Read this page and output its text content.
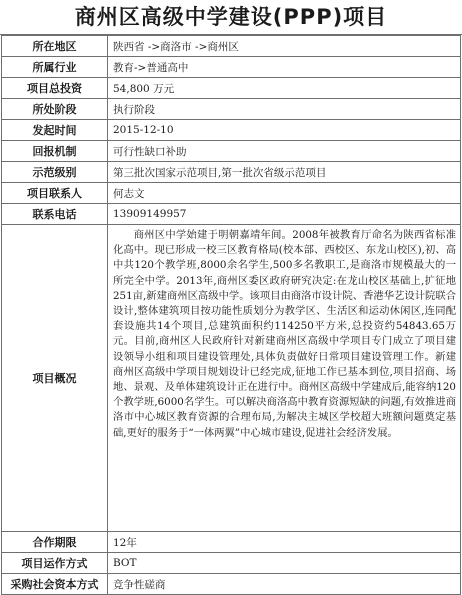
商州区高级中学建设(PPP)项目
所在地区	陕西省 ->商洛市 ->商州区
所属行业	教育->普通高中
项目总投资	54,800 万元
所处阶段	执行阶段
发起时间	2015-12-10
回报机制	可行性缺口补助
示范级别	第三批次国家示范项目,第一批次省级示范项目
项目联系人	何志文
联系电话	13909149957
项目概况	商州区中学始建于明朝嘉靖年间。2008年被教育厅命名为陕西省标准化高中。现已形成一校三区教育格局(校本部、西校区、东龙山校区),初、高中共120个教学班,8000余名学生,500多名教职工,是商洛市规模最大的一所完全中学。2013年,商州区委区政府研究决定:在龙山校区基础上,扩征地251亩,新建商州区高级中学。该项目由商洛市设计院、香港华艺设计院联合设计,整体建筑项目按功能性质划分为教学区、生活区和运动休闲区,连同配套设施共14个项目,总建筑面积约114250平方米,总投资约54843.65万元。目前,商州区人民政府针对新建商州区高级中学项目专门成立了项目建设领导小组和项目建设管理处,具体负责做好日常项目建设管理工作。新建商州区高级中学项目规划设计已经完成,征地工作已基本到位,项目招商、场地、景观、及单体建筑设计正在进行中。商州区高级中学建成后,能容纳120个教学班,6000名学生。可以解决商洛高中教育资源短缺的问题,有效推进商洛市中心城区教育资源的合理布局,为解决主城区学校超大班额问题奠定基础,更好的服务于“一体两翼”中心城市建设,促进社会经济发展。
合作期限	12年
项目运作方式	BOT
采购社会资本方式	竞争性磋商
